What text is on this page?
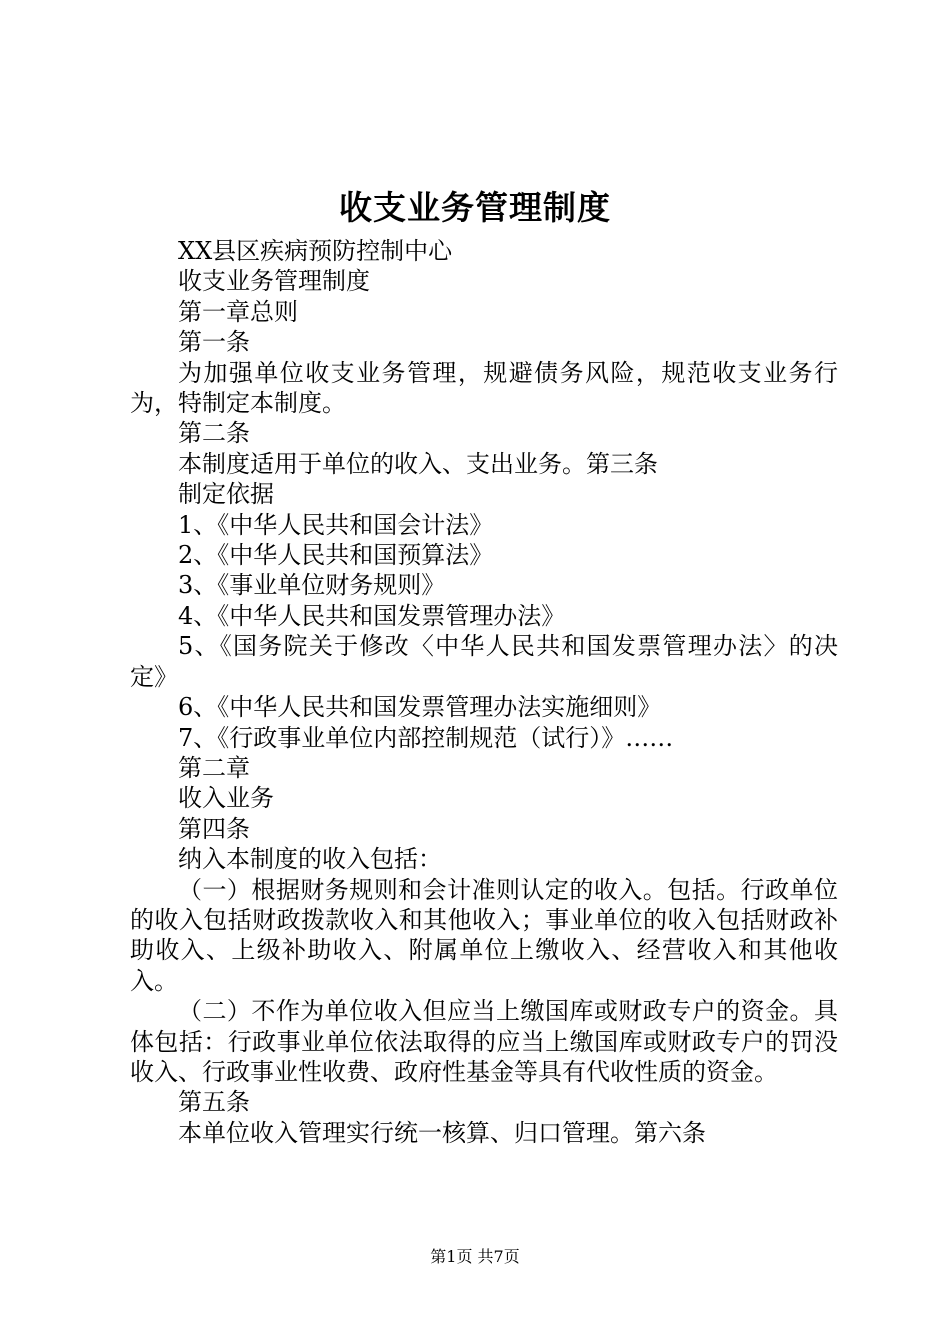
收支业务管理制度

XX县区疾病预防控制中心

收支业务管理制度

第一章总则

第一条

为加强单位收支业务管理，规避债务风险，规范收支业务行为，特制定本制度。

第二条

本制度适用于单位的收入、支出业务。第三条

制定依据

1、《中华人民共和国会计法》

2、《中华人民共和国预算法》

3、《事业单位财务规则》

4、《中华人民共和国发票管理办法》

5、《国务院关于修改〈中华人民共和国发票管理办法〉的决定》

6、《中华人民共和国发票管理办法实施细则》

7、《行政事业单位内部控制规范（试行）》……

第二章

收入业务

第四条

纳入本制度的收入包括：

（一）根据财务规则和会计准则认定的收入。包括。行政单位的收入包括财政拨款收入和其他收入；事业单位的收入包括财政补助收入、上级补助收入、附属单位上缴收入、经营收入和其他收入。

（二）不作为单位收入但应当上缴国库或财政专户的资金。具体包括：行政事业单位依法取得的应当上缴国库或财政专户的罚没收入、行政事业性收费、政府性基金等具有代收性质的资金。

第五条

本单位收入管理实行统一核算、归口管理。第六条

第1页 共7页
